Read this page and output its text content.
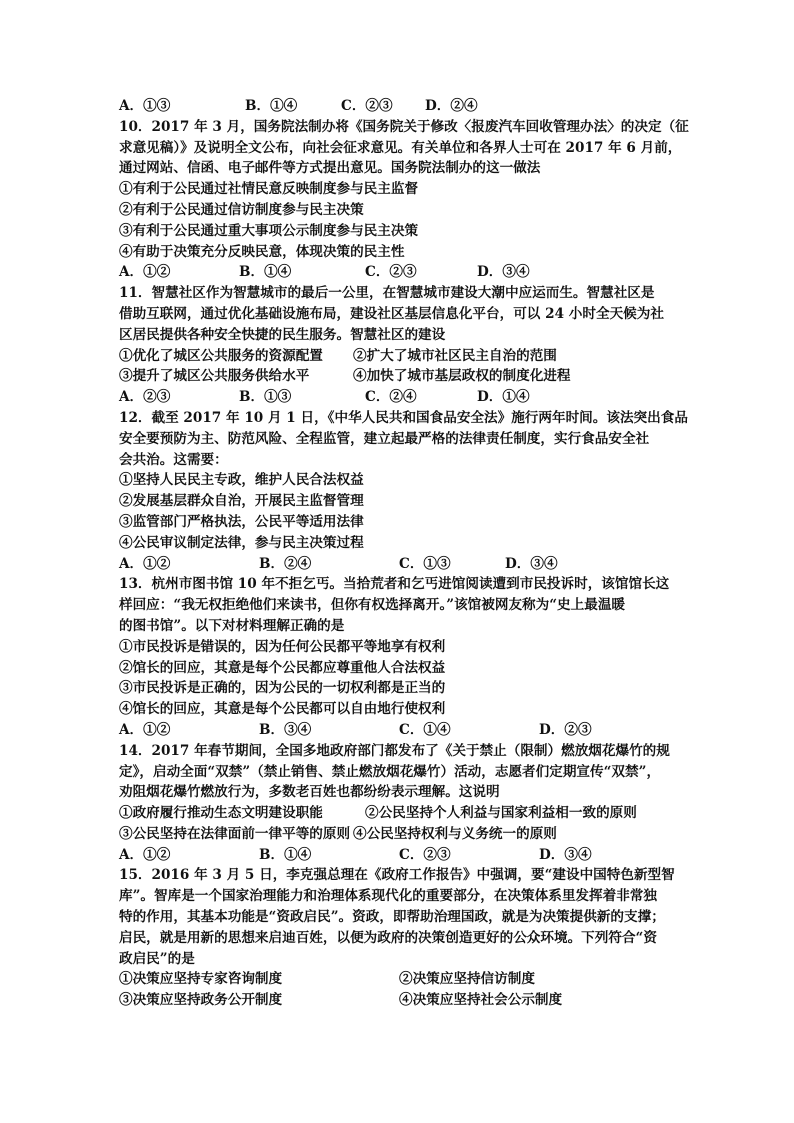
A．①③	B．①④	C．②③ D．②④
10．2017 年 3 月，国务院法制办将《国务院关于修改〈报废汽车回收管理办法〉的决定（征
求意见稿）》及说明全文公布，向社会征求意见。有关单位和各界人士可在 2017 年 6 月前，
通过网站、信函、电子邮件等方式提出意见。国务院法制办的这一做法
①有利于公民通过社情民意反映制度参与民主监督
②有利于公民通过信访制度参与民主决策
③有利于公民通过重大事项公示制度参与民主决策
④有助于决策充分反映民意，体现决策的民主性
A．①②	B．①④	C．②③	D．③④
11．智慧社区作为智慧城市的最后一公里，在智慧城市建设大潮中应运而生。智慧社区是
借助互联网，通过优化基础设施布局，建设社区基层信息化平台，可以 24 小时全天候为社
区居民提供各种安全快捷的民生服务。智慧社区的建设
①优化了城区公共服务的资源配置 ②扩大了城市社区民主自治的范围
③提升了城区公共服务供给水平	④加快了城市基层政权的制度化进程
A．②③	B．①③	C．②④	D．①④
12．截至 2017 年 10 月 1 日，《中华人民共和国食品安全法》施行两年时间。该法突出食品
安全要预防为主、防范风险、全程监管，建立起最严格的法律责任制度，实行食品安全社
会共治。这需要：
①坚持人民民主专政，维护人民合法权益
②发展基层群众自治，开展民主监督管理
③监管部门严格执法，公民平等适用法律
④公民审议制定法律，参与民主决策过程
A．①②	B．②④	C．①③	D．③④
13．杭州市图书馆 10 年不拒乞丐。当拾荒者和乞丐进馆阅读遭到市民投诉时，该馆馆长这
样回应：“我无权拒绝他们来读书，但你有权选择离开。”该馆被网友称为“史上最温暖
的图书馆”。以下对材料理解正确的是
①市民投诉是错误的，因为任何公民都平等地享有权利
②馆长的回应，其意是每个公民都应尊重他人合法权益
③市民投诉是正确的，因为公民的一切权利都是正当的
④馆长的回应，其意是每个公民都可以自由地行使权利
A．①②	B．③④	C．①④	D．②③
14．2017 年春节期间，全国多地政府部门都发布了《关于禁止（限制）燃放烟花爆竹的规
定》，启动全面“双禁”（禁止销售、禁止燃放烟花爆竹）活动，志愿者们定期宣传“双禁”，
劝阻烟花爆竹燃放行为，多数老百姓也都纷纷表示理解。这说明
①政府履行推动生态文明建设职能	②公民坚持个人利益与国家利益相一致的原则
③公民坚持在法律面前一律平等的原则 ④公民坚持权利与义务统一的原则
A．①②	B．①④	C．②③	D．③④
15．2016 年 3 月 5 日，李克强总理在《政府工作报告》中强调，要“建设中国特色新型智
库”。智库是一个国家治理能力和治理体系现代化的重要部分，在决策体系里发挥着非常独
特的作用，其基本功能是“资政启民”。资政，即帮助治理国政，就是为决策提供新的支撑；
启民，就是用新的思想来启迪百姓，以便为政府的决策创造更好的公众环境。下列符合“资
政启民”的是
①决策应坚持专家咨询制度	②决策应坚持信访制度
③决策应坚持政务公开制度	④决策应坚持社会公示制度
